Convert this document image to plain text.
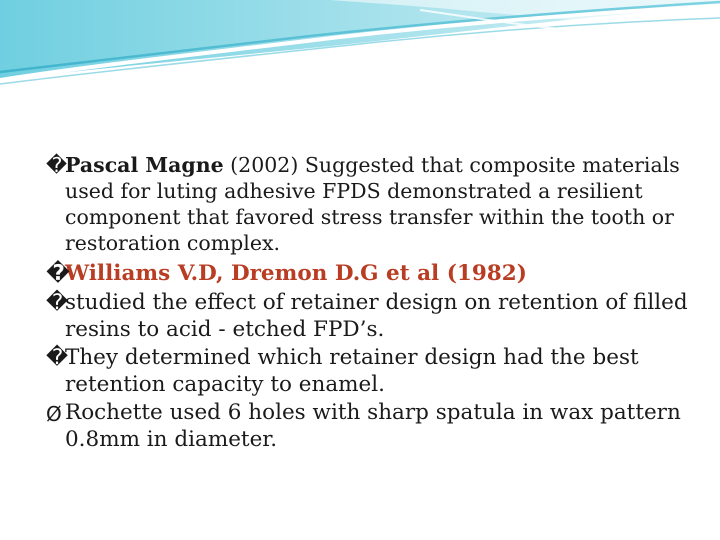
�
Pascal Magne (2002) Suggested that composite materials used for luting adhesive FPDS demonstrated a resilient component that favored stress transfer within the tooth or restoration complex.

�
Williams V.D, Dremon D.G et al (1982)

�
studied the effect of retainer design on retention of filled resins to acid - etched FPD’s.

�
They determined which retainer design had the best retention capacity to enamel.

Ø Rochette used 6 holes with sharp spatula in wax pattern 0.8mm in diameter.
